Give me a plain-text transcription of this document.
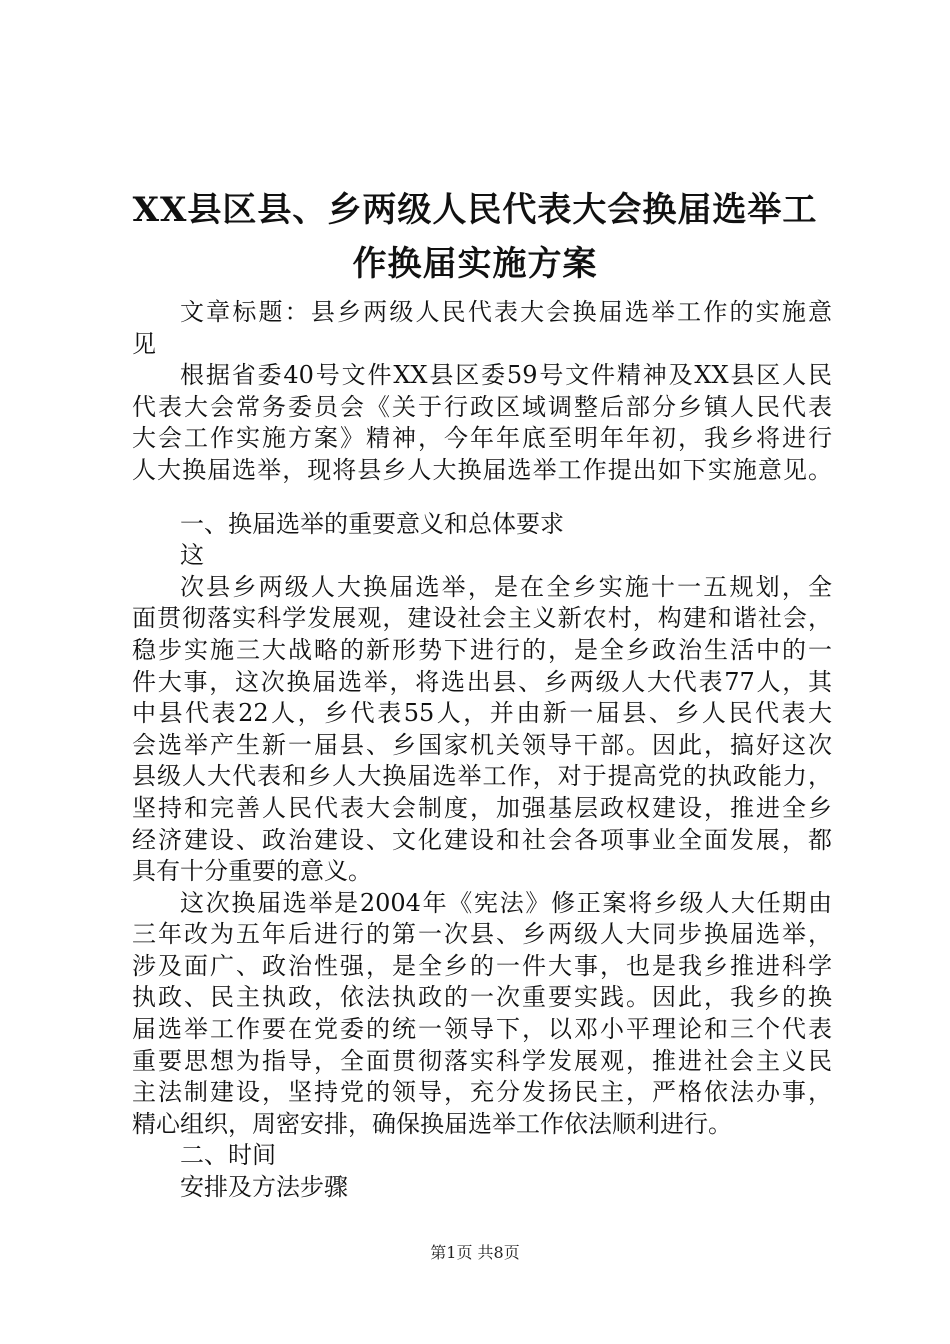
XX县区县、乡两级人民代表大会换届选举工
作换届实施方案
文章标题：县乡两级人民代表大会换届选举工作的实施意
见
根据省委40号文件XX县区委59号文件精神及XX县区人民
代表大会常务委员会《关于行政区域调整后部分乡镇人民代表
大会工作实施方案》精神，今年年底至明年年初，我乡将进行
人大换届选举，现将县乡人大换届选举工作提出如下实施意见。
一、换届选举的重要意义和总体要求
这
次县乡两级人大换届选举，是在全乡实施十一五规划，全
面贯彻落实科学发展观，建设社会主义新农村，构建和谐社会，
稳步实施三大战略的新形势下进行的，是全乡政治生活中的一
件大事，这次换届选举，将选出县、乡两级人大代表77人，其
中县代表22人，乡代表55人，并由新一届县、乡人民代表大
会选举产生新一届县、乡国家机关领导干部。因此，搞好这次
县级人大代表和乡人大换届选举工作，对于提高党的执政能力，
坚持和完善人民代表大会制度，加强基层政权建设，推进全乡
经济建设、政治建设、文化建设和社会各项事业全面发展，都
具有十分重要的意义。
这次换届选举是2004年《宪法》修正案将乡级人大任期由
三年改为五年后进行的第一次县、乡两级人大同步换届选举，
涉及面广、政治性强，是全乡的一件大事，也是我乡推进科学
执政、民主执政，依法执政的一次重要实践。因此，我乡的换
届选举工作要在党委的统一领导下，以邓小平理论和三个代表
重要思想为指导，全面贯彻落实科学发展观，推进社会主义民
主法制建设，坚持党的领导，充分发扬民主，严格依法办事，
精心组织，周密安排，确保换届选举工作依法顺利进行。
二、时间
安排及方法步骤
第1页 共8页
